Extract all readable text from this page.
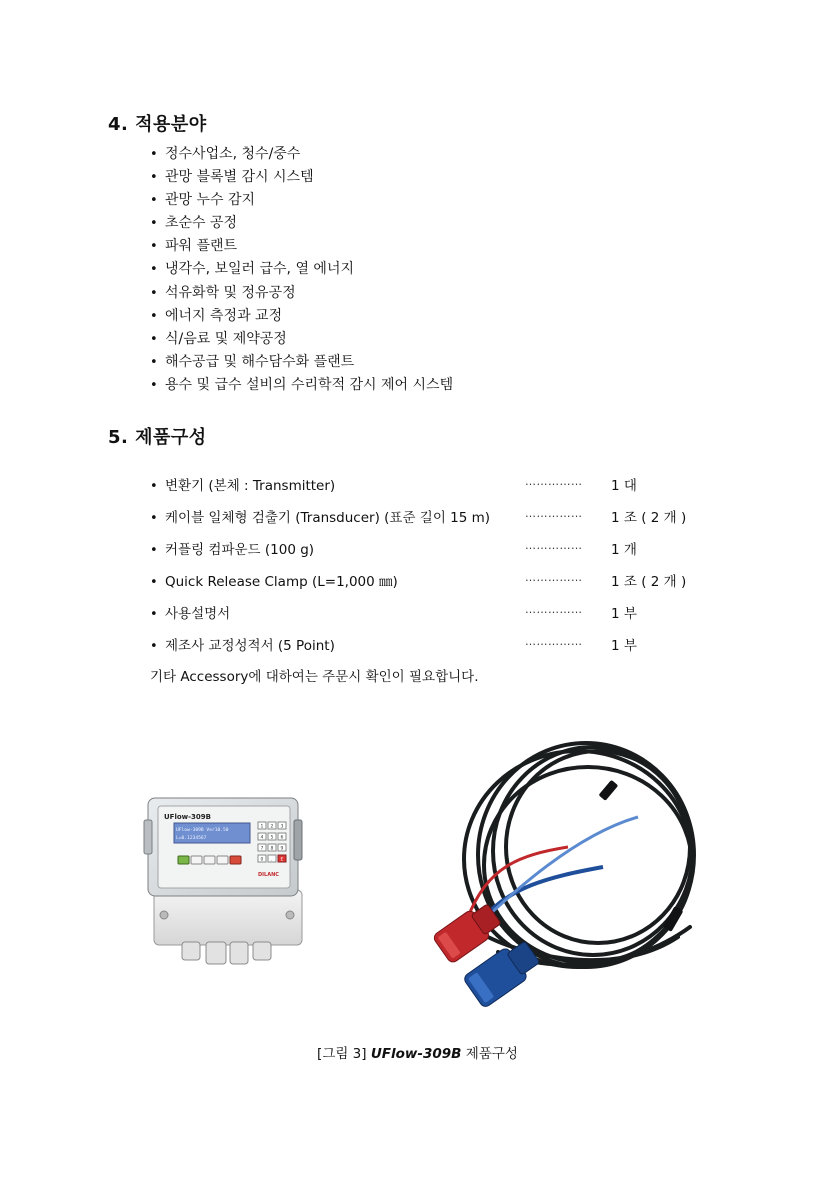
4. 적용분야
• 정수사업소, 청수/중수
• 관망 블록별 감시 시스템
• 관망 누수 감지
• 초순수 공정
• 파워 플랜트
• 냉각수, 보일러 급수, 열 에너지
• 석유화학 및 정유공정
• 에너지 측정과 교정
• 식/음료 및 제약공정
• 해수공급 및 해수담수화 플랜트
• 용수 및 급수 설비의 수리학적 감시 제어 시스템
5. 제품구성
• 변환기 (본체 : Transmitter)	…………… 1 대
• 케이블 일체형 검출기 (Transducer) (표준 길이 15 m)	…………… 1 조 ( 2 개 )
• 커플링 컴파운드 (100 g)	…………… 1 개
• Quick Release Clamp (L=1,000 ㎜)	…………… 1 조 ( 2 개 )
• 사용설명서	…………… 1 부
• 제조사 교정성적서 (5 Point)	…………… 1 부
기타 Accessory에 대하여는 주문시 확인이 필요합니다.
UFlow-309B
UFlow-309B Ver10.50
L=0.1234567
1 2 3
4 5 6
7 8 9
0 . E
DILANC
[그림 3] UFlow-309B 제품구성
